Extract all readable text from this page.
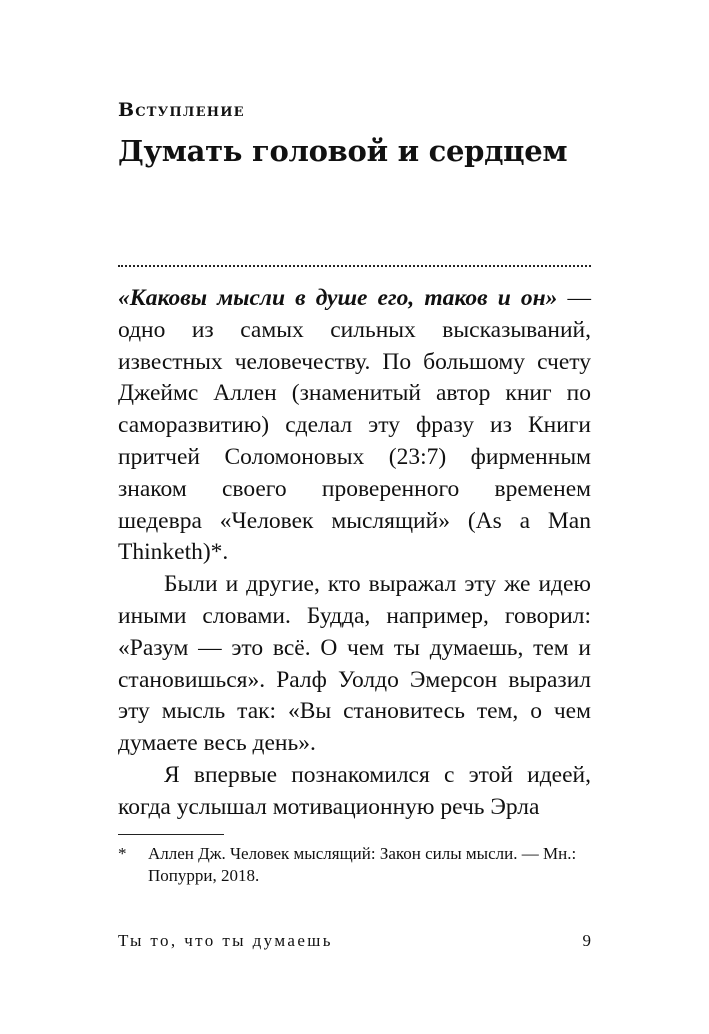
Вступление
Думать головой и сердцем

«Каковы мысли в душе его, таков и он» — одно из самых сильных высказываний, известных человечеству. По большому счету Джеймс Аллен (знаменитый автор книг по саморазвитию) сделал эту фразу из Книги притчей Соломоновых (23:7) фирменным знаком своего проверенного временем шедевра «Человек мыслящий» (As a Man Thinketh)*.

Были и другие, кто выражал эту же идею иными словами. Будда, например, говорил: «Разум — это всё. О чем ты думаешь, тем и становишься». Ралф Уолдо Эмерсон выразил эту мысль так: «Вы становитесь тем, о чем думаете весь день».

Я впервые познакомился с этой идеей, когда услышал мотивационную речь Эрла

* Аллен Дж. Человек мыслящий: Закон силы мысли. — Мн.: Попурри, 2018.
Ты то, что ты думаешь	9
